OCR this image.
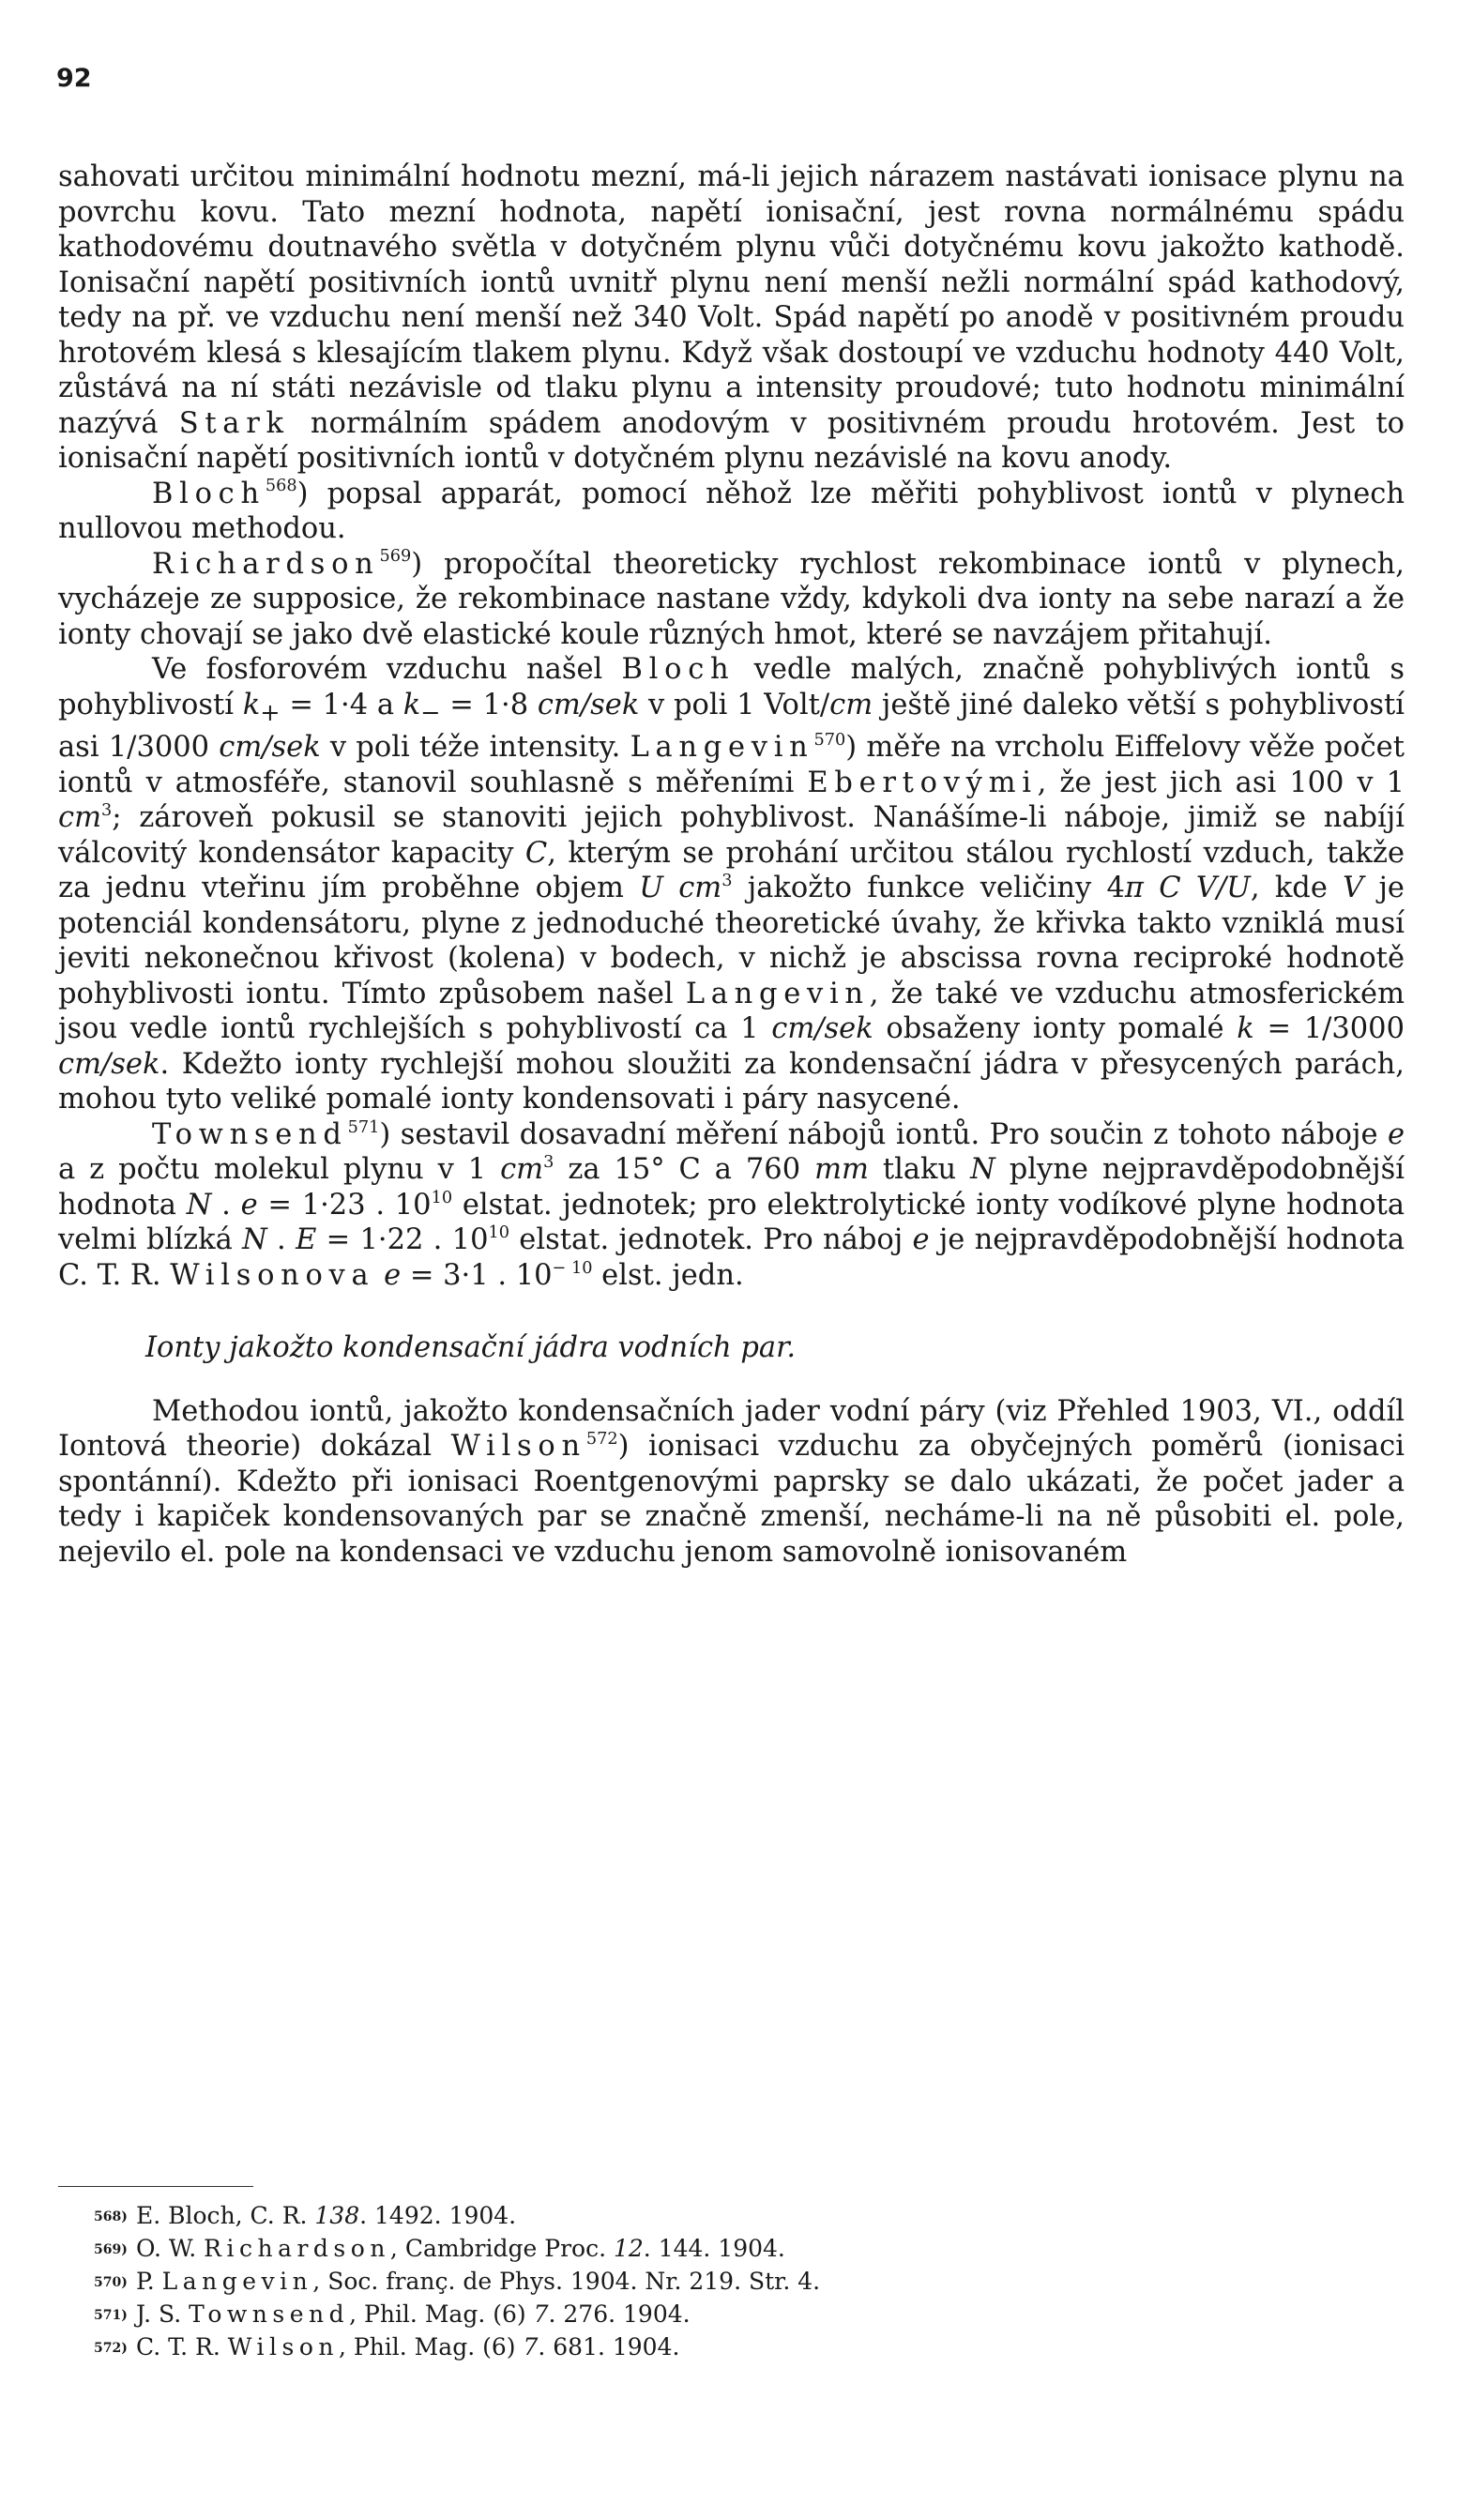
92

sahovati určitou minimální hodnotu mezní, má-li jejich nárazem nastávati ionisace plynu na povrchu kovu. Tato mezní hodnota, napětí ionisační, jest rovna normálnému spádu kathodovému doutnavého světla v dotyčném plynu vůči dotyčnému kovu jakožto kathodě. Ionisační napětí positivních iontů uvnitř plynu není menší nežli normální spád kathodový, tedy na př. ve vzduchu není menší než 340 Volt. Spád napětí po anodě v positivném proudu hrotovém klesá s klesajícím tlakem plynu. Když však dostoupí ve vzduchu hodnoty 440 Volt, zůstává na ní státi nezávisle od tlaku plynu a intensity proudové; tuto hodnotu minimální nazývá Stark normálním spádem anodovým v positivném proudu hrotovém. Jest to ionisační napětí positivních iontů v dotyčném plynu nezávislé na kovu anody.

Bloch$^{568}$) popsal apparát, pomocí něhož lze měřiti pohyblivost iontů v plynech nullovou methodou.

Richardson$^{569}$) propočítal theoreticky rychlost rekombinace iontů v plynech, vycházeje ze supposice, že rekombinace nastane vždy, kdykoli dva ionty na sebe narazí a že ionty chovají se jako dvě elastické koule různých hmot, které se navzájem přitahují.

Ve fosforovém vzduchu našel Bloch vedle malých, značně pohyblivých iontů s pohyblivostí $k_+ = 1\cdot 4$ a $k_- = 1\cdot 8$ cm/sek v poli 1 Volt/cm ještě jiné daleko větší s pohyblivostí asi 1/3000 cm/sek v poli téže intensity. Langevin$^{570}$) měře na vrcholu Eiffelovy věže počet iontů v atmosféře, stanovil souhlasně s měřeními Ebertovými, že jest jich asi 100 v 1 $cm^3$; zároveň pokusil se stanoviti jejich pohyblivost. Nanášíme-li náboje, jimiž se nabíjí válcovitý kondensátor kapacity C, kterým se prohání určitou stálou rychlostí vzduch, takže za jednu vteřinu jím proběhne objem U $cm^3$ jakožto funkce veličiny 4π C V/U, kde V je potenciál kondensátoru, plyne z jednoduché theoretické úvahy, že křivka takto vzniklá musí jeviti nekonečnou křivost (kolena) v bodech, v nichž je abscissa rovna reciproké hodnotě pohyblivosti iontu. Tímto způsobem našel Langevin, že také ve vzduchu atmosferickém jsou vedle iontů rychlejších s pohyblivostí ca 1 cm/sek obsaženy ionty pomalé k = 1/3000 cm/sek. Kdežto ionty rychlejší mohou sloužiti za kondensační jádra v přesycených parách, mohou tyto veliké pomalé ionty kondensovati i páry nasycené.

Townsend$^{571}$) sestavil dosavadní měření nábojů iontů. Pro součin z tohoto náboje e a z počtu molekul plynu v 1 $cm^3$ za 15° C a 760 mm tlaku N plyne nejpravděpodobnější hodnota N . e = 1·23 . $10^{10}$ elstat. jednotek; pro elektrolytické ionty vodíkové plyne hodnota velmi blízká N . E = 1·22 . $10^{10}$ elstat. jednotek. Pro náboj e je nejpravděpodobnější hodnota C. T. R. Wilsonova e = 3·1 . $10^{- 10}$ elst. jedn.

Ionty jakožto kondensační jádra vodních par.

Methodou iontů, jakožto kondensačních jader vodní páry (viz Přehled 1903, VI., oddíl Iontová theorie) dokázal Wilson$^{572}$) ionisaci vzduchu za obyčejných poměrů (ionisaci spontánní). Kdežto při ionisaci Roentgenovými paprsky se dalo ukázati, že počet jader a tedy i kapiček kondensovaných par se značně zmenší, necháme-li na ně působiti el. pole, nejevilo el. pole na kondensaci ve vzduchu jenom samovolně ionisovaném

568) E. Bloch, C. R. 138. 1492. 1904.
569) O. W. Richardson, Cambridge Proc. 12. 144. 1904.
570) P. Langevin, Soc. franç. de Phys. 1904. Nr. 219. Str. 4.
571) J. S. Townsend, Phil. Mag. (6) 7. 276. 1904.
572) C. T. R. Wilson, Phil. Mag. (6) 7. 681. 1904.
